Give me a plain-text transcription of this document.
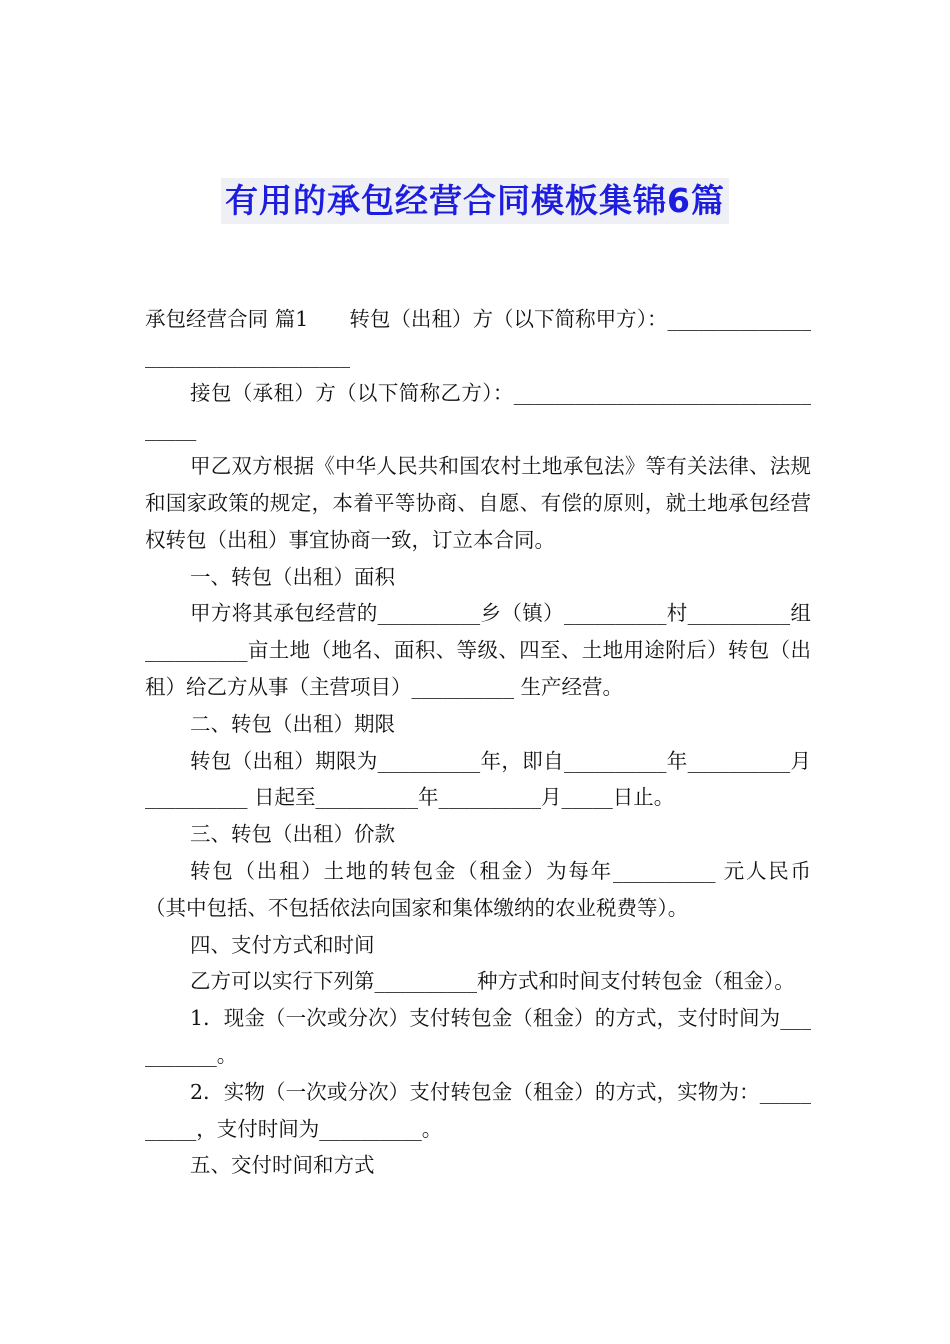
有用的承包经营合同模板集锦6篇

承包经营合同 篇1　　转包（出租）方（以下简称甲方）：__________________________________

接包（承租）方（以下简称乙方）：__________________________________

甲乙双方根据《中华人民共和国农村土地承包法》等有关法律、法规和国家政策的规定，本着平等协商、自愿、有偿的原则，就土地承包经营权转包（出租）事宜协商一致，订立本合同。

一、转包（出租）面积

甲方将其承包经营的__________乡（镇）__________村__________组__________亩土地（地名、面积、等级、四至、土地用途附后）转包（出租）给乙方从事（主营项目）__________ 生产经营。

二、转包（出租）期限

转包（出租）期限为__________年，即自__________年__________月__________ 日起至__________年__________月_____日止。

三、转包（出租）价款

转包（出租）土地的转包金（租金）为每年__________ 元人民币（其中包括、不包括依法向国家和集体缴纳的农业税费等）。

四、支付方式和时间

乙方可以实行下列第__________种方式和时间支付转包金（租金）。

1．现金（一次或分次）支付转包金（租金）的方式，支付时间为__________。

2．实物（一次或分次）支付转包金（租金）的方式，实物为：__________，支付时间为__________。

五、交付时间和方式
